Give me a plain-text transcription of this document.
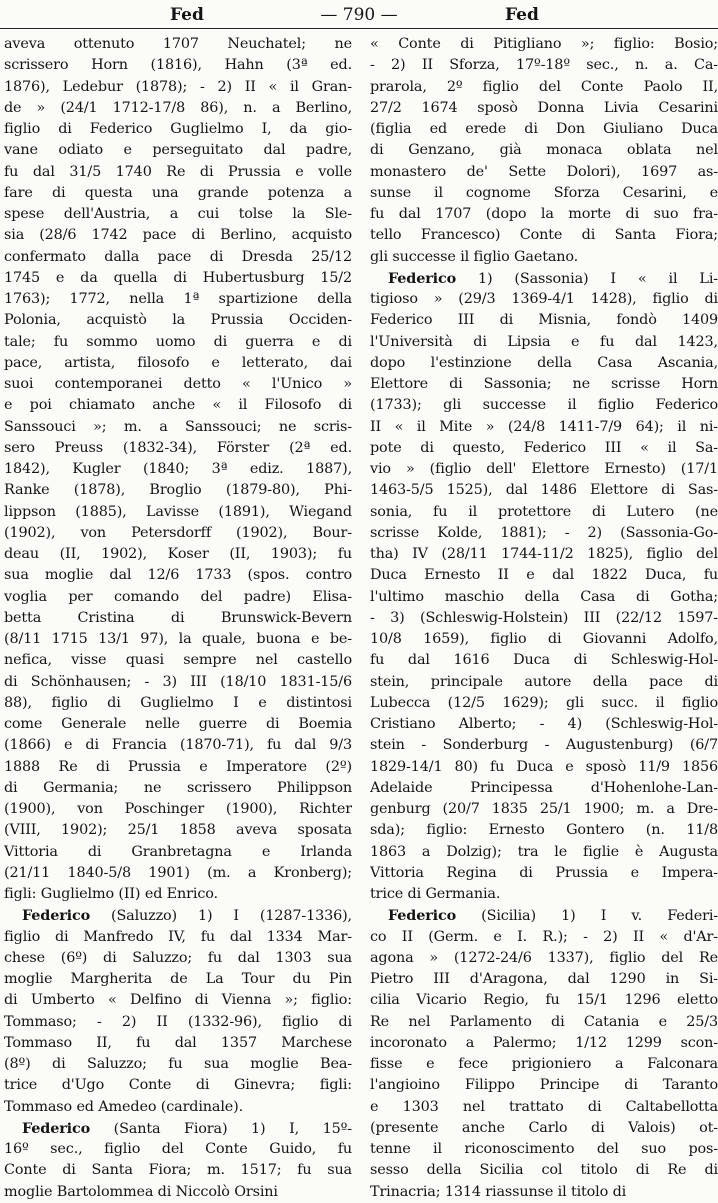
Fed	— 790 —	Fed
aveva ottenuto 1707 Neuchatel; ne
scrissero Horn (1816), Hahn (3ª ed.
1876), Ledebur (1878); - 2) II « il Gran-
de » (24/1 1712-17/8 86), n. a Berlino,
figlio di Federico Guglielmo I, da gio-
vane odiato e perseguitato dal padre,
fu dal 31/5 1740 Re di Prussia e volle
fare di questa una grande potenza a
spese dell'Austria, a cui tolse la Sle-
sia (28/6 1742 pace di Berlino, acquisto
confermato dalla pace di Dresda 25/12
1745 e da quella di Hubertusburg 15/2
1763); 1772, nella 1ª spartizione della
Polonia, acquistò la Prussia Occiden-
tale; fu sommo uomo di guerra e di
pace, artista, filosofo e letterato, dai
suoi contemporanei detto « l'Unico »
e poi chiamato anche « il Filosofo di
Sanssouci »; m. a Sanssouci; ne scris-
sero Preuss (1832-34), Förster (2ª ed.
1842), Kugler (1840; 3ª ediz. 1887),
Ranke (1878), Broglio (1879-80), Phi-
lippson (1885), Lavisse (1891), Wiegand
(1902), von Petersdorff (1902), Bour-
deau (II, 1902), Koser (II, 1903); fu
sua moglie dal 12/6 1733 (spos. contro
voglia per comando del padre) Elisa-
betta Cristina di Brunswick-Bevern
(8/11 1715 13/1 97), la quale, buona e be-
nefica, visse quasi sempre nel castello
di Schönhausen; - 3) III (18/10 1831-15/6
88), figlio di Guglielmo I e distintosi
come Generale nelle guerre di Boemia
(1866) e di Francia (1870-71), fu dal 9/3
1888 Re di Prussia e Imperatore (2º)
di Germania; ne scrissero Philippson
(1900), von Poschinger (1900), Richter
(VIII, 1902); 25/1 1858 aveva sposata
Vittoria di Granbretagna e Irlanda
(21/11 1840-5/8 1901) (m. a Kronberg);
figli: Guglielmo (II) ed Enrico.
Federico (Saluzzo) 1) I (1287-1336),
figlio di Manfredo IV, fu dal 1334 Mar-
chese (6º) di Saluzzo; fu dal 1303 sua
moglie Margherita de La Tour du Pin
di Umberto « Delfino di Vienna »; figlio:
Tommaso; - 2) II (1332-96), figlio di
Tommaso II, fu dal 1357 Marchese
(8º) di Saluzzo; fu sua moglie Bea-
trice d'Ugo Conte di Ginevra; figli:
Tommaso ed Amedeo (cardinale).
Federico (Santa Fiora) 1) I, 15º-
16º sec., figlio del Conte Guido, fu
Conte di Santa Fiora; m. 1517; fu sua
moglie Bartolommea di Niccolò Orsini
« Conte di Pitigliano »; figlio: Bosio;
- 2) II Sforza, 17º-18º sec., n. a. Ca-
prarola, 2º figlio del Conte Paolo II,
27/2 1674 sposò Donna Livia Cesarini
(figlia ed erede di Don Giuliano Duca
di Genzano, già monaca oblata nel
monastero de' Sette Dolori), 1697 as-
sunse il cognome Sforza Cesarini, e
fu dal 1707 (dopo la morte di suo fra-
tello Francesco) Conte di Santa Fiora;
gli successe il figlio Gaetano.
Federico 1) (Sassonia) I « il Li-
tigioso » (29/3 1369-4/1 1428), figlio di
Federico III di Misnia, fondò 1409
l'Università di Lipsia e fu dal 1423,
dopo l'estinzione della Casa Ascania,
Elettore di Sassonia; ne scrisse Horn
(1733); gli successe il figlio Federico
II « il Mite » (24/8 1411-7/9 64); il ni-
pote di questo, Federico III « il Sa-
vio » (figlio dell' Elettore Ernesto) (17/1
1463-5/5 1525), dal 1486 Elettore di Sas-
sonia, fu il protettore di Lutero (ne
scrisse Kolde, 1881); - 2) (Sassonia-Go-
tha) IV (28/11 1744-11/2 1825), figlio del
Duca Ernesto II e dal 1822 Duca, fu
l'ultimo maschio della Casa di Gotha;
- 3) (Schleswig-Holstein) III (22/12 1597-
10/8 1659), figlio di Giovanni Adolfo,
fu dal 1616 Duca di Schleswig-Hol-
stein, principale autore della pace di
Lubecca (12/5 1629); gli succ. il figlio
Cristiano Alberto; - 4) (Schleswig-Hol-
stein - Sonderburg - Augustenburg) (6/7
1829-14/1 80) fu Duca e sposò 11/9 1856
Adelaide Principessa d'Hohenlohe-Lan-
genburg (20/7 1835 25/1 1900; m. a Dre-
sda); figlio: Ernesto Gontero (n. 11/8
1863 a Dolzig); tra le figlie è Augusta
Vittoria Regina di Prussia e Impera-
trice di Germania.
Federico (Sicilia) 1) I v. Federi-
co II (Germ. e I. R.); - 2) II « d'Ar-
agona » (1272-24/6 1337), figlio del Re
Pietro III d'Aragona, dal 1290 in Si-
cilia Vicario Regio, fu 15/1 1296 eletto
Re nel Parlamento di Catania e 25/3
incoronato a Palermo; 1/12 1299 scon-
fisse e fece prigioniero a Falconara
l'angioino Filippo Principe di Taranto
e 1303 nel trattato di Caltabellotta
(presente anche Carlo di Valois) ot-
tenne il riconoscimento del suo pos-
sesso della Sicilia col titolo di Re di
Trinacria; 1314 riassunse il titolo di
